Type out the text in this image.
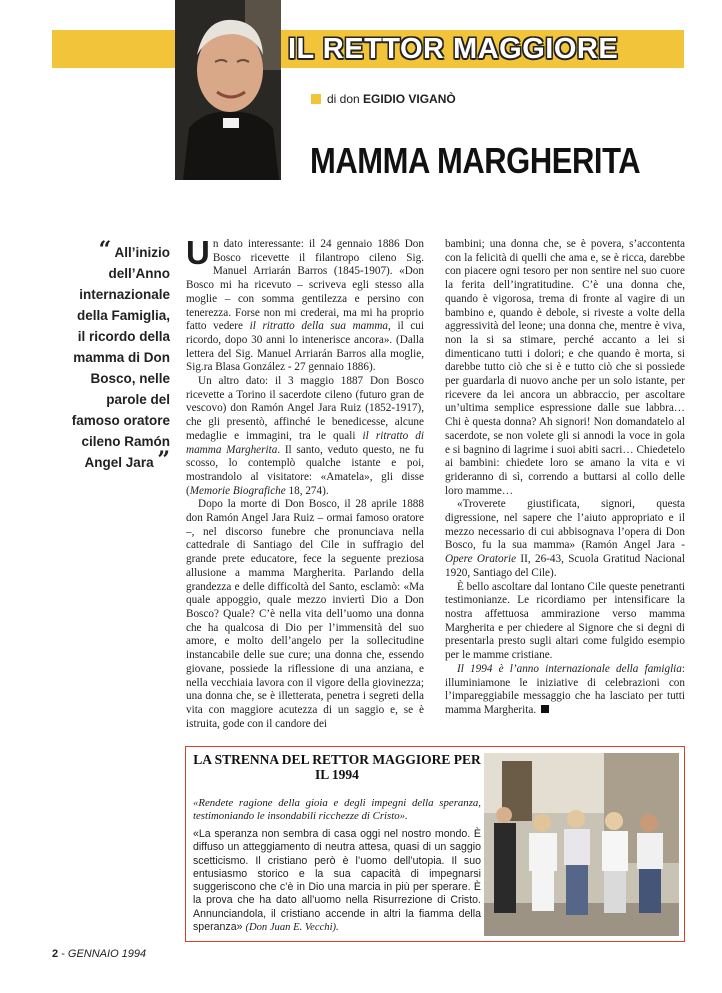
IL RETTOR MAGGIORE
di don EGIDIO VIGANÒ
MAMMA MARGHERITA
“ All’inizio dell’Anno internazionale della Famiglia, il ricordo della mamma di Don Bosco, nelle parole del famoso oratore cileno Ramón Angel Jara ”

Un dato interessante: il 24 gennaio 1886 Don Bosco ricevette il filantropo cileno Sig. Manuel Arriarán Barros (1845-1907). «Don Bosco mi ha ricevuto – scriveva egli stesso alla moglie – con somma gentilezza e persino con tenerezza. Forse non mi crederai, ma mi ha proprio fatto vedere il ritratto della sua mamma, il cui ricordo, dopo 30 anni lo intenerisce ancora». (Dalla lettera del Sig. Manuel Arriarán Barros alla moglie, Sig.ra Blasa González - 27 gennaio 1886).

Un altro dato: il 3 maggio 1887 Don Bosco ricevette a Torino il sacerdote cileno (futuro gran de vescovo) don Ramón Angel Jara Ruiz (1852-1917), che gli presentò, affinché le benedicesse, alcune medaglie e immagini, tra le quali il ritratto di mamma Margherita. Il santo, veduto questo, ne fu scosso, lo contemplò qualche istante e poi, mostrandolo al visitatore: «Amatela», gli disse (Memorie Biografiche 18, 274).

Dopo la morte di Don Bosco, il 28 aprile 1888 don Ramón Angel Jara Ruiz – ormai famoso oratore –, nel discorso funebre che pronunciava nella cattedrale di Santiago del Cile in suffragio del grande prete educatore, fece la seguente preziosa allusione a mamma Margherita. Parlando della grandezza e delle difficoltà del Santo, esclamò: «Ma quale appoggio, quale mezzo inviertì Dio a Don Bosco? Quale? C’è nella vita dell’uomo una donna che ha qualcosa di Dio per l’immensità del suo amore, e molto dell’angelo per la sollecitudine instancabile delle sue cure; una donna che, essendo giovane, possiede la riflessione di una anziana, e nella vecchiaia lavora con il vigore della giovinezza; una donna che, se è illetterata, penetra i segreti della vita con maggiore acutezza di un saggio e, se è istruita, gode con il candore dei

bambini; una donna che, se è povera, s’accontenta con la felicità di quelli che ama e, se è ricca, darebbe con piacere ogni tesoro per non sentire nel suo cuore la ferita dell’ingratitudine. C’è una donna che, quando è vigorosa, trema di fronte al vagire di un bambino e, quando è debole, si riveste a volte della aggressività del leone; una donna che, mentre è viva, non la si sa stimare, perché accanto a lei si dimenticano tutti i dolori; e che quando è morta, si darebbe tutto ciò che si è e tutto ciò che si possiede per guardarla di nuovo anche per un solo istante, per ricevere da lei ancora un abbraccio, per ascoltare un’ultima semplice espressione dalle sue labbra… Chi è questa donna? Ah signori! Non domandatelo al sacerdote, se non volete gli si annodi la voce in gola e si bagnino di lagrime i suoi abiti sacri… Chiedetelo ai bambini: chiedete loro se amano la vita e vi grideranno di sì, correndo a buttarsi al collo delle loro mamme…

«Troverete giustificata, signori, questa digressione, nel sapere che l’aiuto appropriato e il mezzo necessario di cui abbisognava l’opera di Don Bosco, fu la sua mamma» (Ramón Angel Jara - Opere Oratorie II, 26-43, Scuola Gratitud Nacional 1920, Santiago del Cile).

È bello ascoltare dal lontano Cile queste penetranti testimonianze. Le ricordiamo per intensificare la nostra affettuosa ammirazione verso mamma Margherita e per chiedere al Signore che si degni di presentarla presto sugli altari come fulgido esempio per le mamme cristiane.

Il 1994 è l’anno internazionale della famiglia: illuminiamone le iniziative di celebrazioni con l’impareggiabile messaggio che ha lasciato per tutti mamma Margherita.

LA STRENNA DEL RETTOR MAGGIORE PER IL 1994
«Rendete ragione della gioia e degli impegni della speranza, testimoniando le insondabili ricchezze di Cristo».
«La speranza non sembra di casa oggi nel nostro mondo. È diffuso un atteggiamento di neutra attesa, quasi di un saggio scetticismo. Il cristiano però è l’uomo dell’utopia. Il suo entusiasmo storico e la sua capacità di impegnarsi suggeriscono che c’è in Dio una marcia in più per sperare. È la prova che ha dato all’uomo nella Risurrezione di Cristo. Annunciandola, il cristiano accende in altri la fiamma della speranza» (Don Juan E. Vecchi).
2 - GENNAIO 1994
